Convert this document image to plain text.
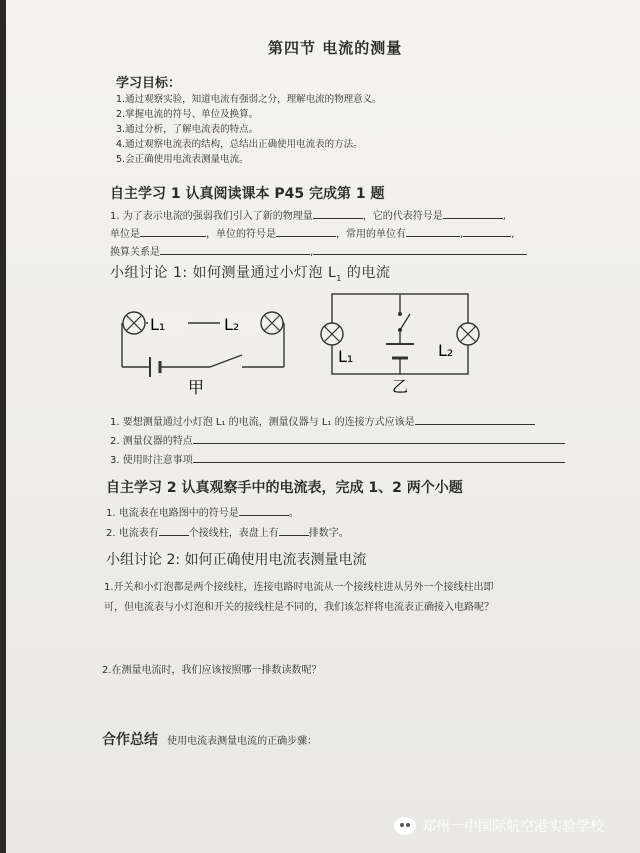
第四节 电流的测量
学习目标：
1.通过观察实验，知道电流有强弱之分，理解电流的物理意义。
2.掌握电流的符号、单位及换算。
3.通过分析，了解电流表的特点。
4.通过观察电流表的结构，总结出正确使用电流表的方法。
5.会正确使用电流表测量电流。
自主学习 1 认真阅读课本 P45 完成第 1 题
1. 为了表示电流的强弱我们引入了新的物理量	，它的代表符号是	,
单位是	，单位的符号是	，常用的单位有	,	,
换算关系是	,
小组讨论 1: 如何测量通过小灯泡 $L_1$ 的电流
L₁	L₂
甲
L₁	L₂
乙
1. 要想测量通过小灯泡 L₁ 的电流，测量仪器与 L₁ 的连接方式应该是
2. 测量仪器的特点
3. 使用时注意事项
自主学习 2 认真观察手中的电流表，完成 1、2 两个小题
1. 电流表在电路图中的符号是	。
2. 电流表有	个接线柱，表盘上有	排数字。
小组讨论 2: 如何正确使用电流表测量电流
1.开关和小灯泡都是两个接线柱，连接电路时电流从一个接线柱进从另外一个接线柱出即
可，但电流表与小灯泡和开关的接线柱是不同的，我们该怎样将电流表正确接入电路呢？
2.在测量电流时，我们应该按照哪一排数读数呢？
合作总结 使用电流表测量电流的正确步骤：
郑州一中国际航空港实验学校
